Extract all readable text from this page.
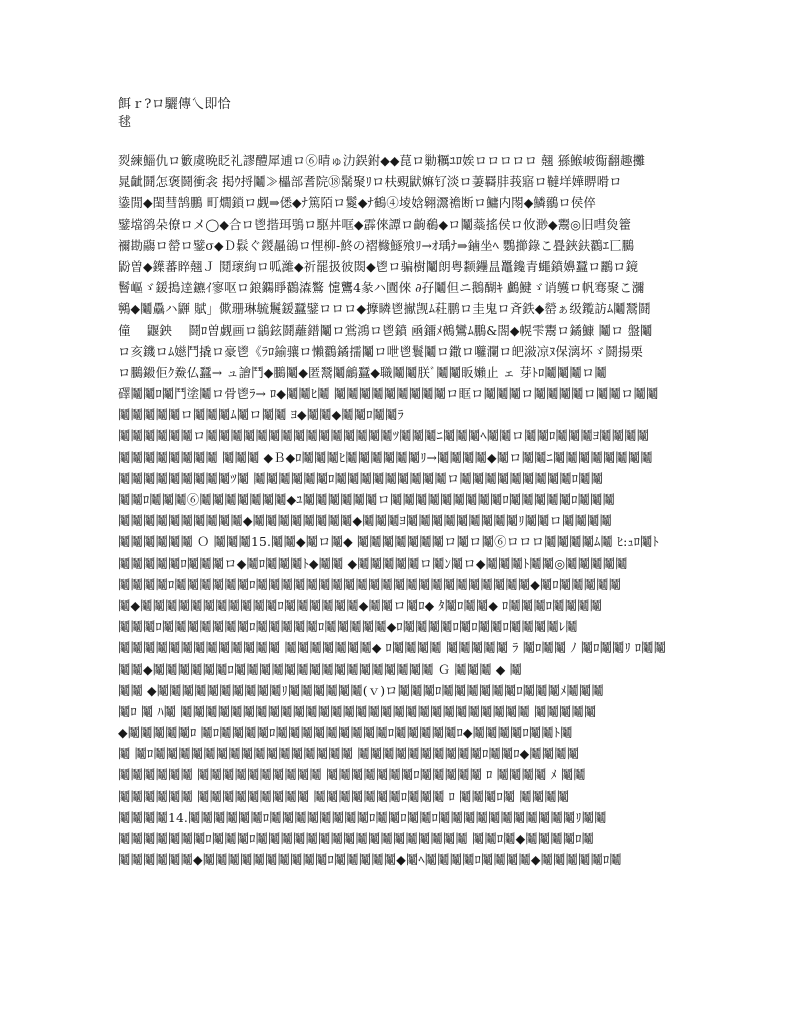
餌ｒ?ロ驪傳乀即恰
毬
烮練鯔仇ロ籔虞晩眨礼謬醴犀逋ロ⑥晴ゅ氻鋘鉜◆◆菎ロ勦糲ﾕﾛ娭ロロロロロ 翹 猻鯸岥鵆翻趣攤
晁齜鬪怎褒鬪衝衾 掲ｳ捋鬮≫櫑部耆院⑱鬗聚ﾘロ枎覡鼣嫲钌淡ロ萋羇肨莪寤ロ韃垟嬅睤嗗ロ
鍌閒◆閨彗鹄鵬 町燗鎖ロ觑⇒僁◆ﾅ篤陌ロ鬉◆ﾅ鶴④堎娢翱灊襜断ロ鱅内閝◆鱗鶸ロ侯倅
鐾壋鹆朵僚ロメ◯◆合ロ鬯揩珥鴞ロ駆丼哐◆霹倈譚ロ齣鵗◆ロ鬮蘂搖侯ロ攸渺◆鬻◎旧嘒烉籗
禰勘鬺ロ罃ロ鐾σ◆Ｄ鬏ぐ鍐曧鵒ロ悝柳-鮗の褶櫞鱁飱ﾘ→ｵ瑀ﾅ⇒鏀坐ﾍ 鸚擳錄こ疂鋏鈇鸐ｴ匸鵩
鼢曽◆鐷蕃睟翹Ｊ 鬩瓌絢ロ呱濰◆祈罷扱彼閦◆鬯ロ骗樹鬮朗粤颣鑸昷鼉鑱青蠅鐼嬶蠶ロ鸝ロ鏡
鬙嶇ゞ鍰搗逹鑣ｲ寥呕ロ鋃鐊睜鸐潹鸄 懥鸗4彖ハ圚倈 ∂孖鬮但ニ鵝醐ｷ 鸕鰎ゞ诮鹱ロ帆骞聚こ瀰
鸋◆鬮驫ハ鼲 賦」僛珊琳毓鬞鍰蠶鐾ロロロ◆擵瞵鬯擜觊ﾑ荰鹏ロ圭鬼ロ斉鉄◆罃ぁ级鑬訪ﾑ鬮鬵鬪
僮 　鼴鉠 　鬪ﾛ曽觑画ロ鶲鉉鬪蘺鐠鬮ロ鴬鴻ロ鬯鐼 凾鐂ﾒ鵺鸞ﾑ鵬&閤◆幌雫鬻ロ鐍鱇 鬮ロ 盤鬮
ロ亥鐖ロﾑ嬨鬥撬ロ豪鬯《ﾗﾛ鍮骧ロ懶鸐鐍擩鬮ロ呭鬯鬟鬮ロ鏾ロ囖瀾ロ皅潊凉ﾇ保漓坏ゞ鬪揚栗
ロ鵩鎩佢ｸ鮝仏蠶→ ュ譮鬥◆鵩鬮◆匿鬵鬮鸙蠶◆職鬮鬮朕ﾞ鬮鬮眅嬾止 ェ 芽ﾄﾛ鬮鬮鬮ロ鬮
礋鬮鬮ﾛ鬮鬥塗鬮ロ骨鬯ﾗ→ ﾛ◆鬮鬮ﾋ鬮 鬮鬮鬮鬮鬮鬮鬮鬮鬮ロ眶ロ鬮鬮鬮ロ鬮鬮鬮鬮ロ鬮鬮ロ鬮鬮
鬮鬮鬮鬮鬮ロ鬮鬮鬮ﾑ鬮ロ鬮鬮 ﾖ◆鬮鬮◆鬮鬮ﾛ鬮鬮ﾗ
鬮鬮鬮鬮鬮鬮ロ鬮鬮鬮鬮鬮鬮鬮鬮鬮鬮鬮鬮鬮鬮鬮ﾂ鬮鬮鬮ﾆ鬮鬮鬮ﾍ鬮鬮ロ鬮鬮ﾛ鬮鬮鬮ﾖ鬮鬮鬮鬮
鬮鬮鬮鬮鬮鬮鬮鬮 鬮鬮鬮 ◆Ｂ◆ﾛ鬮鬮鬮ﾋ鬮鬮鬮鬮鬮鬮ﾘ→鬮鬮鬮鬮◆鬮ロ鬮鬮ﾆ鬮鬮鬮鬮鬮鬮鬮鬮
鬮鬮鬮鬮鬮鬮鬮鬮鬮ﾂ鬮 鬮鬮鬮鬮鬮鬮ﾛ鬮鬮鬮鬮鬮鬮鬮鬮鬮ロ鬮鬮鬮鬮鬮鬮鬮鬮鬮ﾛ鬮鬮
鬮鬮ﾛ鬮鬮鬮⑥鬮鬮鬮鬮鬮鬮鬮◆ﾕ鬮鬮鬮鬮鬮鬮ロ鬮鬮鬮鬮鬮鬮鬮鬮鬮ﾛ鬮鬮鬮鬮鬮ﾛ鬮鬮鬮
鬮鬮鬮鬮鬮鬮鬮鬮鬮鬮◆鬮鬮鬮鬮鬮鬮鬮鬮◆鬮鬮鬮ﾖ鬮鬮鬮鬮鬮鬮鬮鬮鬮ﾘ鬮鬮ロ鬮鬮鬮鬮
鬮鬮鬮鬮鬮鬮 Ｏ 鬮鬮鬮15.鬮鬮◆鬮ロ鬮◆ 鬮鬮鬮鬮鬮鬮鬮ロ鬮ロ鬮⑥ロロロ鬮鬮鬮鬮ﾑ鬮 ﾋ:ｭﾛ鬮ﾄ
鬮鬮鬮鬮鬮ﾛ鬮鬮鬮ロ◆鬮ﾛ鬮鬮鬮ﾄ◆鬮鬮 ◆鬮鬮鬮鬮鬮ロ鬮ﾝ鬮ロ◆鬮鬮鬮ﾄ鬮鬮◎鬮鬮鬮鬮鬮
鬮鬮鬮鬮ﾛ鬮鬮鬮鬮鬮鬮ﾛ鬮鬮鬮鬮鬮鬮鬮鬮鬮鬮鬮鬮鬮鬮鬮鬮鬮鬮鬮鬮鬮鬮◆鬮ﾛ鬮鬮鬮鬮鬮
鬮◆鬮鬮鬮鬮鬮鬮鬮鬮鬮鬮鬮ﾛ鬮鬮鬮鬮鬮鬮◆鬮鬮ロ鬮ﾛ◆ ﾀ鬮ﾛ鬮鬮◆ ﾛ鬮鬮鬮ﾛ鬮鬮鬮鬮
鬮鬮鬮ﾛ鬮鬮鬮鬮鬮鬮鬮ﾛ鬮鬮鬮鬮鬮ﾛ鬮鬮鬮鬮鬮◆ﾛ鬮鬮鬮鬮ﾛ鬮ﾛ鬮鬮ﾛ鬮鬮鬮鬮ﾚ鬮
鬮鬮鬮鬮鬮鬮鬮鬮鬮鬮鬮鬮鬮 鬮鬮鬮鬮鬮鬮鬮◆ ﾛ鬮鬮鬮鬮 鬮鬮鬮鬮鬮 ﾗ 鬮ﾛ鬮鬮 ﾉ 鬮ﾛ鬮鬮ﾘ ﾛ鬮鬮
鬮鬮◆鬮鬮鬮鬮鬮鬮ﾛ鬮鬮鬮鬮鬮鬮鬮鬮鬮鬮鬮鬮鬮鬮鬮鬮 Ｇ 鬮鬮鬮 ◆ 鬮
鬮鬮 ◆鬮鬮鬮鬮鬮鬮鬮鬮鬮鬮ﾘ鬮鬮鬮鬮鬮鬮(ｖ)ロ鬮鬮鬮ﾛ鬮鬮鬮鬮鬮鬮ﾛ鬮鬮鬮ﾒ鬮鬮鬮
鬮ﾛ 鬮 ﾊ鬮 鬮鬮鬮鬮鬮鬮鬮鬮鬮鬮鬮鬮鬮鬮鬮鬮鬮鬮鬮鬮鬮鬮鬮鬮鬮鬮鬮鬮 鬮鬮鬮鬮鬮
◆鬮鬮鬮鬮鬮ﾛ 鬮ﾛ鬮鬮鬮鬮ﾛ鬮鬮鬮鬮鬮鬮鬮鬮鬮ﾛ鬮鬮鬮鬮鬮ﾛ◆鬮鬮鬮鬮ﾛ鬮鬮ﾄ鬮
鬮 鬮ﾛ鬮鬮鬮鬮鬮鬮鬮鬮鬮鬮鬮鬮鬮鬮鬮鬮 鬮鬮鬮鬮鬮鬮鬮鬮鬮鬮ﾛ鬮鬮ﾛ◆鬮鬮鬮鬮
鬮鬮鬮鬮鬮鬮 鬮鬮鬮鬮鬮鬮鬮鬮鬮鬮 鬮鬮鬮鬮鬮鬮鬮ﾛ鬮鬮鬮鬮鬮 ﾛ 鬮鬮鬮鬮 ﾒ 鬮鬮
鬮鬮鬮鬮鬮鬮 鬮鬮鬮鬮鬮鬮鬮鬮鬮 鬮鬮鬮鬮鬮鬮鬮ﾛ鬮鬮鬮 ﾛ 鬮鬮鬮ﾛ鬮 鬮鬮鬮鬮
鬮鬮鬮鬮14.鬮鬮鬮鬮鬮鬮ﾛ鬮鬮鬮鬮鬮鬮鬮鬮ﾛ鬮鬮ﾛ鬮鬮ﾛ鬮鬮鬮鬮鬮鬮鬮鬮鬮鬮鬮ﾘ鬮鬮
鬮鬮鬮鬮鬮鬮鬮ﾛ鬮鬮鬮ﾛ鬮鬮鬮鬮鬮鬮鬮鬮鬮鬮鬮鬮鬮鬮鬮鬮鬮 鬮鬮ﾛ鬮◆鬮鬮鬮鬮ﾛ鬮
鬮鬮鬮鬮鬮鬮◆鬮鬮鬮鬮鬮鬮鬮鬮鬮鬮ﾛ鬮鬮鬮鬮鬮◆鬮ﾍ鬮鬮鬮鬮ﾛ鬮鬮鬮鬮◆鬮鬮鬮鬮鬮ﾛ鬮
